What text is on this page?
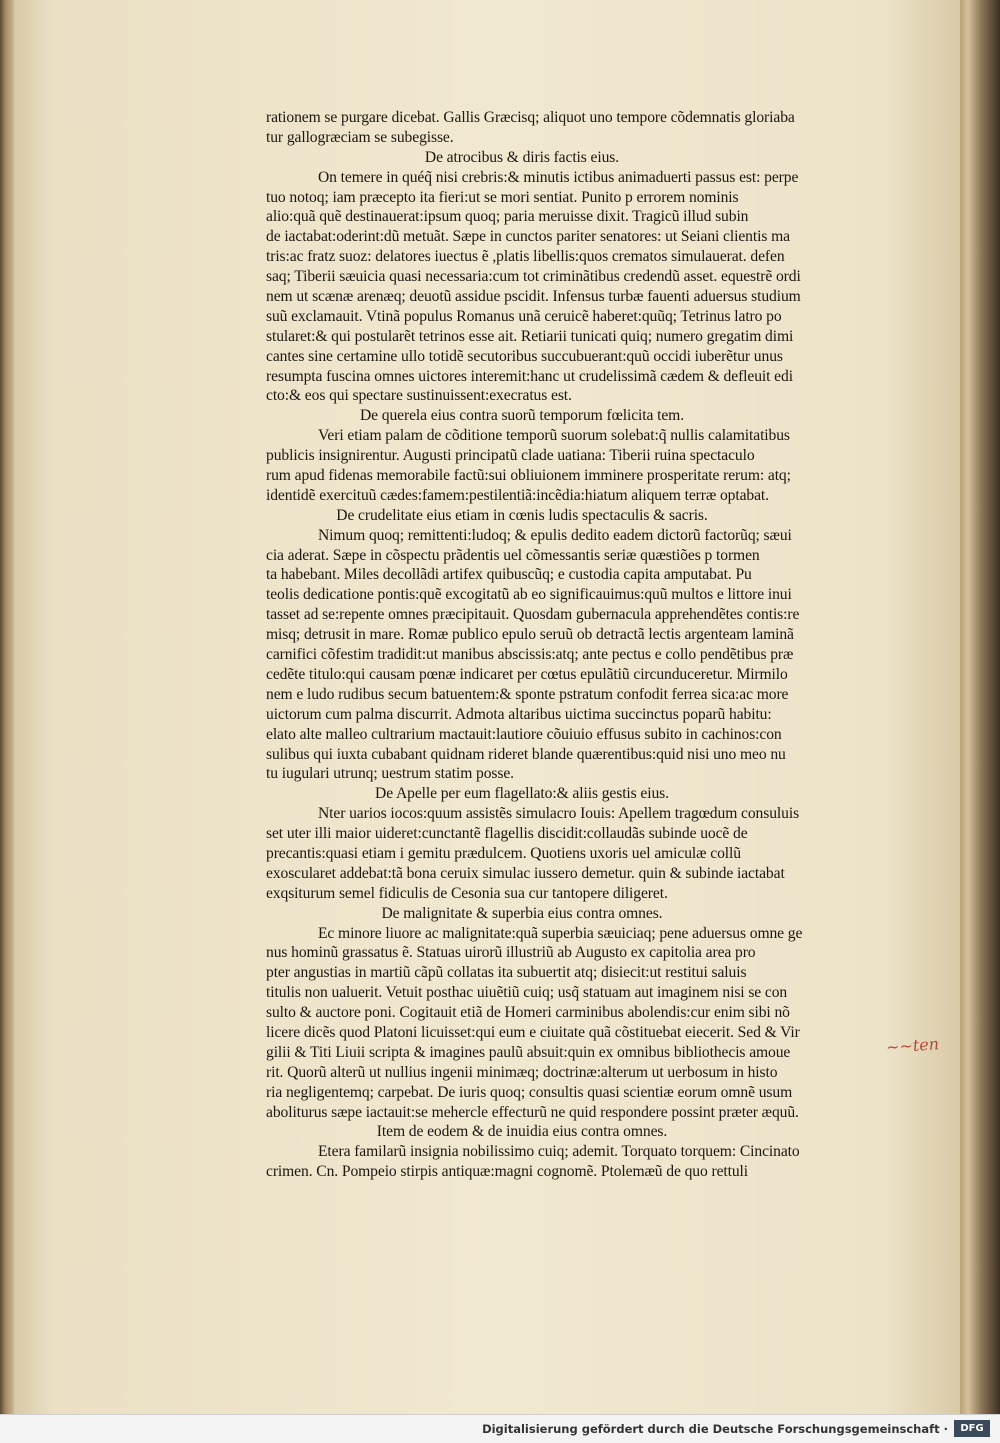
rationem se purgare dicebat. Gallis Græcisq; aliquot uno tempore cõdemnatis gloriaba
tur gallogræciam se subegisse.
De atrocibus & diris factis eius.
On temere in quéq̃ nisi crebris:& minutis ictibus animaduerti passus est: perpe
tuo notoq; iam præcepto ita fieri:ut se mori sentiat. Punito p errorem nominis
alio:quã quẽ destinauerat:ipsum quoq; paria meruisse dixit. Tragicũ illud subin
de iactabat:oderint:dũ metuãt. Sæpe in cunctos pariter senatores: ut Seiani clientis ma
tris:ac fratz suoz: delatores iuectus ẽ ,platis libellis:quos crematos simulauerat. defen
saq; Tiberii sæuicia quasi necessaria:cum tot criminãtibus credendũ asset. equestrẽ ordi
nem ut scænæ arenæq; deuotũ assidue pscidit. Infensus turbæ fauenti aduersus studium
suũ exclamauit. Vtinã populus Romanus unã ceruicẽ haberet:quũq; Tetrinus latro po
stularet:& qui postularẽt tetrinos esse ait. Retiarii tunicati quiq; numero gregatim dimi
cantes sine certamine ullo totidẽ secutoribus succubuerant:quũ occidi iuberẽtur unus
resumpta fuscina omnes uictores interemit:hanc ut crudelissimã cædem & defleuit edi
cto:& eos qui spectare sustinuissent:execratus est.
De querela eius contra suorũ temporum fœlicita tem.
Veri etiam palam de cõditione temporũ suorum solebat:q̃ nullis calamitatibus
publicis insignirentur. Augusti principatũ clade uatiana: Tiberii ruina spectaculo
rum apud fidenas memorabile factũ:sui obliuionem imminere prosperitate rerum: atq;
identidẽ exercituũ cædes:famem:pestilentiã:incẽdia:hiatum aliquem terræ optabat.
De crudelitate eius etiam in cœnis ludis spectaculis & sacris.
Nimum quoq; remittenti:ludoq; & epulis dedito eadem dictorũ factorũq; sæui
cia aderat. Sæpe in cõspectu prãdentis uel cõmessantis seriæ quæstiões p tormen
ta habebant. Miles decollãdi artifex quibuscũq; e custodia capita amputabat. Pu
teolis dedicatione pontis:quẽ excogitatũ ab eo significauimus:quũ multos e littore inui
tasset ad se:repente omnes præcipitauit. Quosdam gubernacula apprehendẽtes contis:re
misq; detrusit in mare. Romæ publico epulo seruũ ob detractã lectis argenteam laminã
carnifici cõfestim tradidit:ut manibus abscissis:atq; ante pectus e collo pendẽtibus præ
cedẽte titulo:qui causam pœnæ indicaret per cœtus epulãtiũ circunduceretur. Mirmilo
nem e ludo rudibus secum batuentem:& sponte pstratum confodit ferrea sica:ac more
uictorum cum palma discurrit. Admota altaribus uictima succinctus poparũ habitu:
elato alte malleo cultrarium mactauit:lautiore cõuiuio effusus subito in cachinos:con
sulibus qui iuxta cubabant quidnam rideret blande quærentibus:quid nisi uno meo nu
tu iugulari utrunq; uestrum statim posse.
De Apelle per eum flagellato:& aliis gestis eius.
Nter uarios iocos:quum assistẽs simulacro Iouis: Apellem tragœdum consuluis
set uter illi maior uideret:cunctantẽ flagellis discidit:collaudãs subinde uocẽ de
precantis:quasi etiam i gemitu prædulcem. Quotiens uxoris uel amiculæ collũ
exoscularet addebat:tã bona ceruix simulac iussero demetur. quin & subinde iactabat
exqsiturum semel fidiculis de Cesonia sua cur tantopere diligeret.
De malignitate & superbia eius contra omnes.
Ec minore liuore ac malignitate:quã superbia sæuiciaq; pene aduersus omne ge
nus hominũ grassatus ẽ. Statuas uirorũ illustriũ ab Augusto ex capitolia area pro
pter angustias in martiũ cãpũ collatas ita subuertit atq; disiecit:ut restitui saluis
titulis non ualuerit. Vetuit posthac uiuẽtiũ cuiq; usq̃ statuam aut imaginem nisi se con
sulto & auctore poni. Cogitauit etiã de Homeri carminibus abolendis:cur enim sibi nõ
licere dicẽs quod Platoni licuisset:qui eum e ciuitate quã cõstituebat eiecerit. Sed & Vir
gilii & Titi Liuii scripta & imagines paulũ absuit:quin ex omnibus bibliothecis amoue
rit. Quorũ alterũ ut nullius ingenii minimæq; doctrinæ:alterum ut uerbosum in histo
ria negligentemq; carpebat. De iuris quoq; consultis quasi scientiæ eorum omnẽ usum
aboliturus sæpe iactauit:se mehercle effecturũ ne quid respondere possint præter æquũ.
Item de eodem & de inuidia eius contra omnes.
Etera familarũ insignia nobilissimo cuiq; ademit. Torquato torquem: Cincinato
crimen. Cn. Pompeio stirpis antiquæ:magni cognomẽ. Ptolemæũ de quo rettuli
~~ten
Digitalisierung gefördert durch die Deutsche Forschungsgemeinschaft ·	DFG
